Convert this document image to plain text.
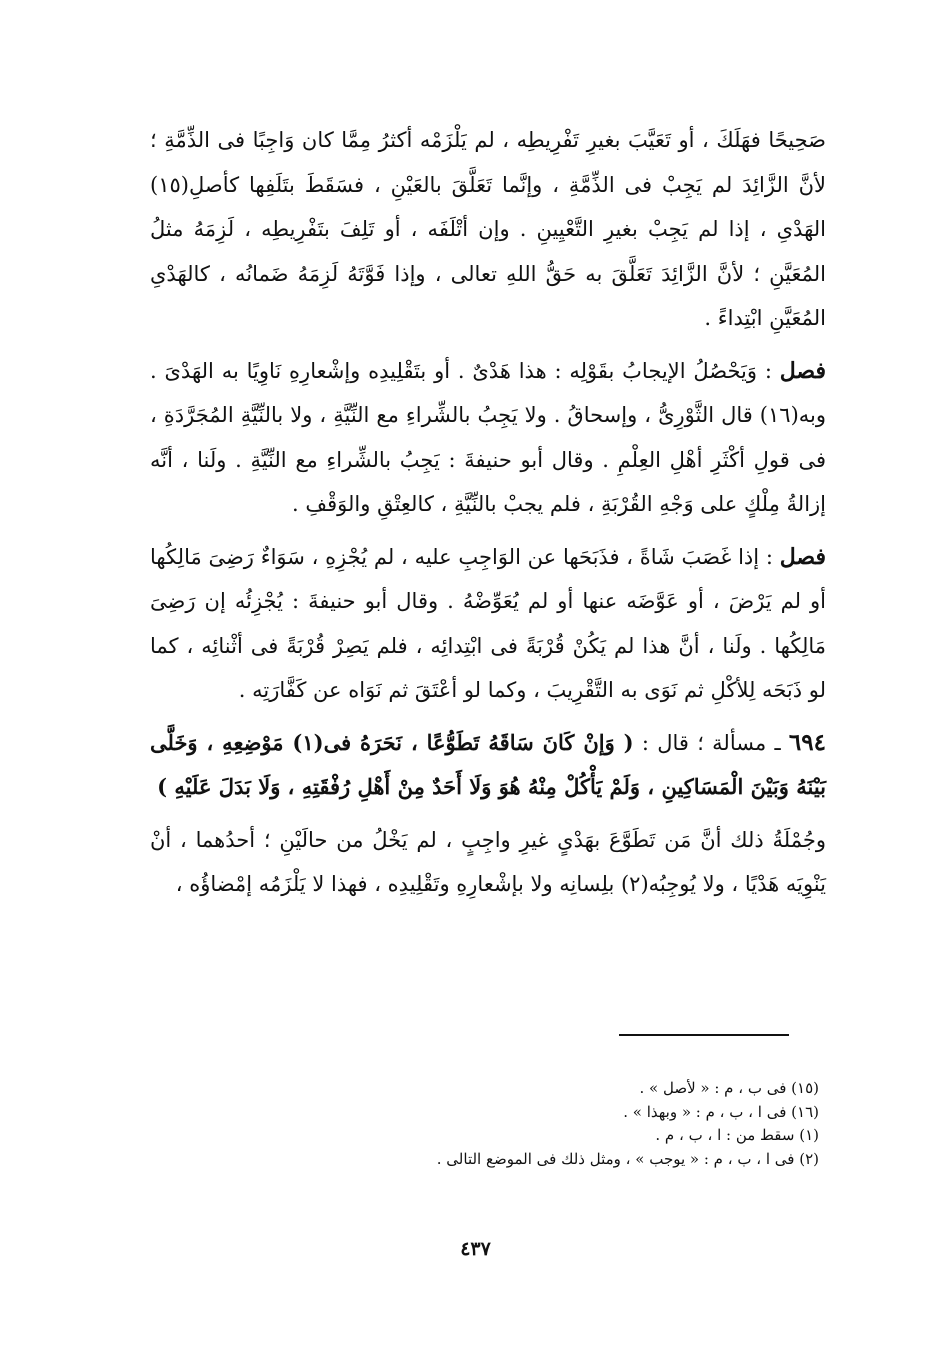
صَحِيحًا فهَلَكَ ، أو تَعَيَّبَ بغيرِ تَفْرِيطِه ، لم يَلْزَمْه أكثرُ مِمَّا كان وَاجِبًا فى الذِّمَّةِ ؛ لأنَّ الزَّائِدَ لم يَجِبْ فى الذِّمَّةِ ، وإنَّما تَعَلَّقَ بالعَيْنِ ، فسَقَطَ بتَلَفِها كأصلِ(١٥) الهَدْىِ ، إذا لم يَجِبْ بغيرِ التَّعْيِينِ . وإن أتْلَفَه ، أو تَلِفَ بتَفْرِيطِه ، لَزِمَهُ مثلُ المُعَيَّنِ ؛ لأنَّ الزَّائِدَ تَعَلَّقَ به حَقُّ اللهِ تعالى ، وإذا فَوَّتَهُ لَزِمَهُ ضَمانُه ، كالهَدْىِ المُعَيَّنِ ابْتِداءً .

فصل : وَيَحْصُلُ الإيجابُ بقَوْلِه : هذا هَدْىٌ . أو بتَقْلِيدِه وإشْعارِهِ نَاوِيًا به الهَدْىَ . وبه(١٦) قال الثَّوْرِىُّ ، وإسحاقُ . ولا يَجِبُ بالشِّراءِ مع النِّيَّةِ ، ولا بالنِّيَّةِ المُجَرَّدَةِ ، فى قولِ أكْثَرِ أهْلِ العِلْمِ . وقال أبو حنيفةَ : يَجِبُ بالشِّراءِ مع النِّيَّةِ . ولَنا ، أنَّه إزالةُ مِلْكٍ على وَجْهِ القُرْبَةِ ، فلم يجبْ بالنِّيَّةِ ، كالعِتْقِ والوَقْفِ .

فصل : إذا غَصَبَ شَاةً ، فذَبَحَها عن الوَاجِبِ عليه ، لم يُجْزِهِ ، سَوَاءٌ رَضِىَ مَالِكُها أو لم يَرْضَ ، أو عَوَّضَه عنها أو لم يُعَوِّضْهُ . وقال أبو حنيفةَ : يُجْزِئُه إن رَضِىَ مَالِكُها . ولَنا ، أنَّ هذا لم يَكُنْ قُرْبَةً فى ابْتِدائِه ، فلم يَصِرْ قُرْبَةً فى أثْنائِه ، كما لو ذَبَحَه لِلأكْلِ ثم نَوَى به التَّقْرِيبَ ، وكما لو أعْتَقَ ثم نَوَاه عن كَفَّارَتِه .

٦٩٤ ـ مسألة ؛ قال : ( وَإنْ كَانَ سَاقَهُ تَطَوُّعًا ، نَحَرَهُ فى(١) مَوْضِعِهِ ، وَخَلَّى بَيْنَهُ وَبَيْنَ الْمَسَاكِينِ ، وَلَمْ يَأْكُلْ مِنْهُ هُوَ وَلَا أَحَدٌ مِنْ أَهْلِ رُفْقَتِهِ ، وَلَا بَدَلَ عَلَيْهِ )

وجُمْلَةُ ذلك أنَّ مَن تَطَوَّعَ بهَدْىٍ غيرِ واجِبٍ ، لم يَخْلُ من حالَيْنِ ؛ أحدُهما ، أنْ يَنْوِيَه هَدْيًا ، ولا يُوجِبُه(٢) بلِسانِه ولا بإشْعارِهِ وتَقْلِيدِه ، فهذا لا يَلْزَمُه إمْضاؤُه ،

(١٥) فى ب ، م : « لأصل » .
(١٦) فى ا ، ب ، م : « وبهذا » .
(١) سقط من : ا ، ب ، م .
(٢) فى ا ، ب ، م : « يوجب » ، ومثل ذلك فى الموضع التالى .
٤٣٧
